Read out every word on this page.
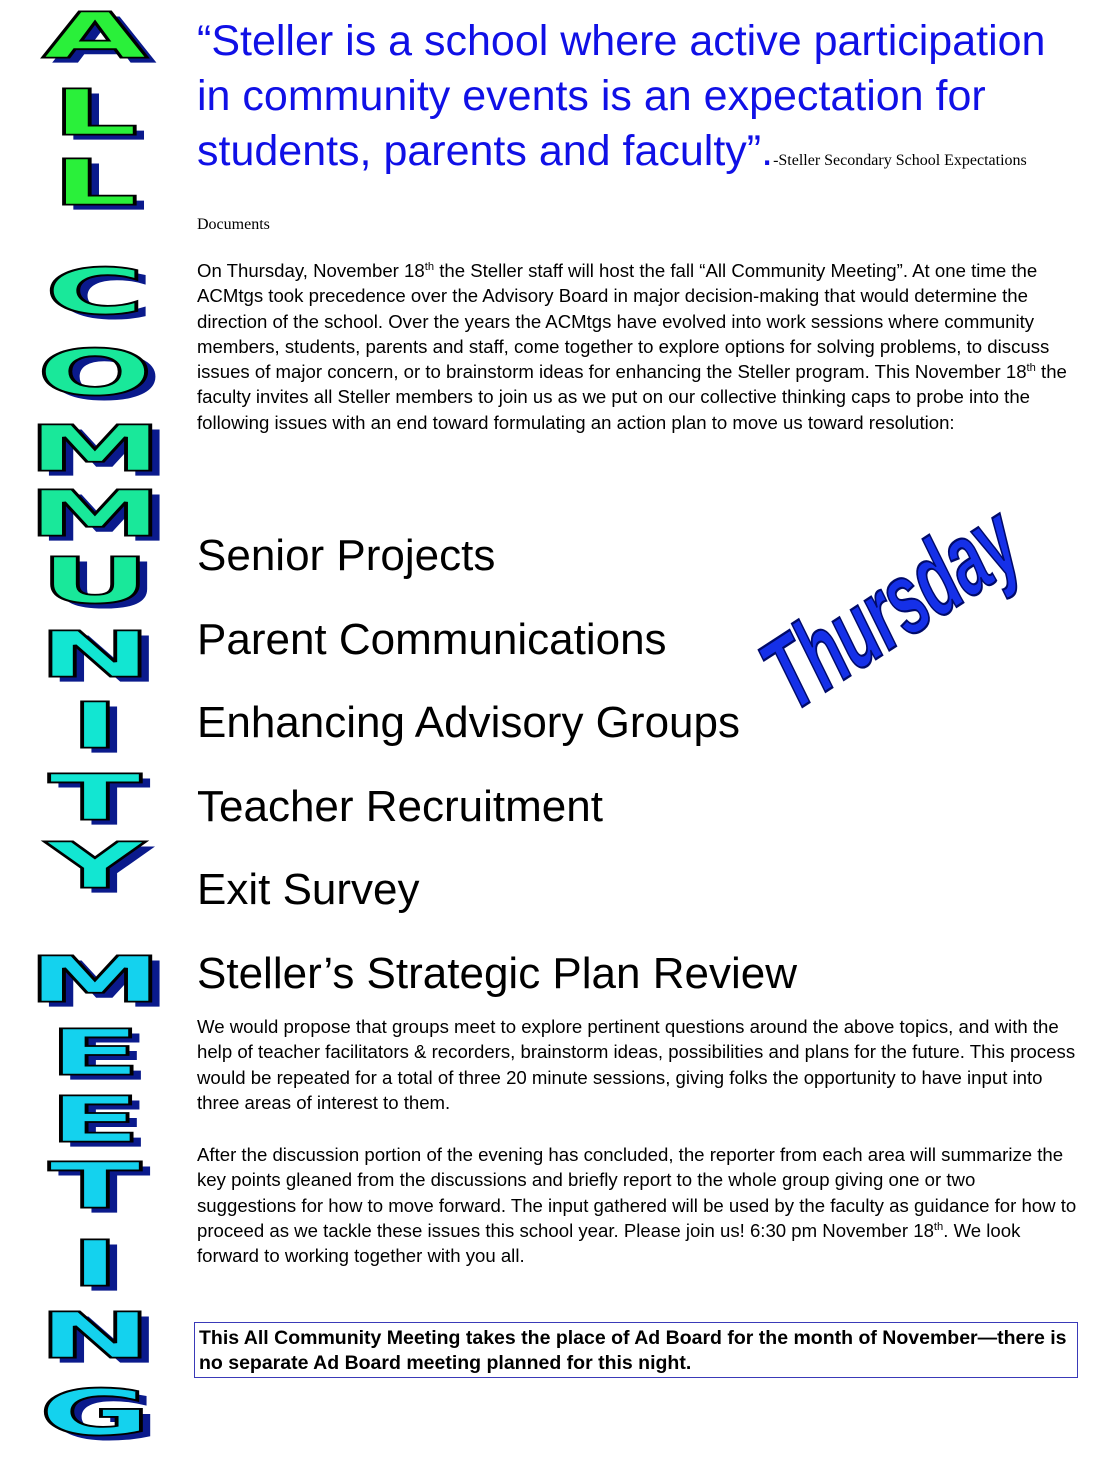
A
L
L
C
O
M
M
U
N
I
T
Y
M
E
E
T
I
N
G

“Steller is a school where active participation in community events is an expectation for students, parents and faculty”.-Steller Secondary School Expectations Documents

On Thursday, November 18th the Steller staff will host the fall “All Community Meeting”. At one time the ACMtgs took precedence over the Advisory Board in major decision-making that would determine the direction of the school. Over the years the ACMtgs have evolved into work sessions where community members, students, parents and staff, come together to explore options for solving problems, to discuss issues of major concern, or to brainstorm ideas for enhancing the Steller program. This November 18th the faculty invites all Steller members to join us as we put on our collective thinking caps to probe into the following issues with an end toward formulating an action plan to move us toward resolution:

Senior Projects
Parent Communications
Enhancing Advisory Groups
Teacher Recruitment
Exit Survey
Steller’s Strategic Plan Review
Thursday

We would propose that groups meet to explore pertinent questions around the above topics, and with the help of teacher facilitators & recorders, brainstorm ideas, possibilities and plans for the future. This process would be repeated for a total of three 20 minute sessions, giving folks the opportunity to have input into three areas of interest to them.

After the discussion portion of the evening has concluded, the reporter from each area will summarize the key points gleaned from the discussions and briefly report to the whole group giving one or two suggestions for how to move forward. The input gathered will be used by the faculty as guidance for how to proceed as we tackle these issues this school year. Please join us! 6:30 pm November 18th. We look forward to working together with you all.

This All Community Meeting takes the place of Ad Board for the month of November—there is no separate Ad Board meeting planned for this night.
